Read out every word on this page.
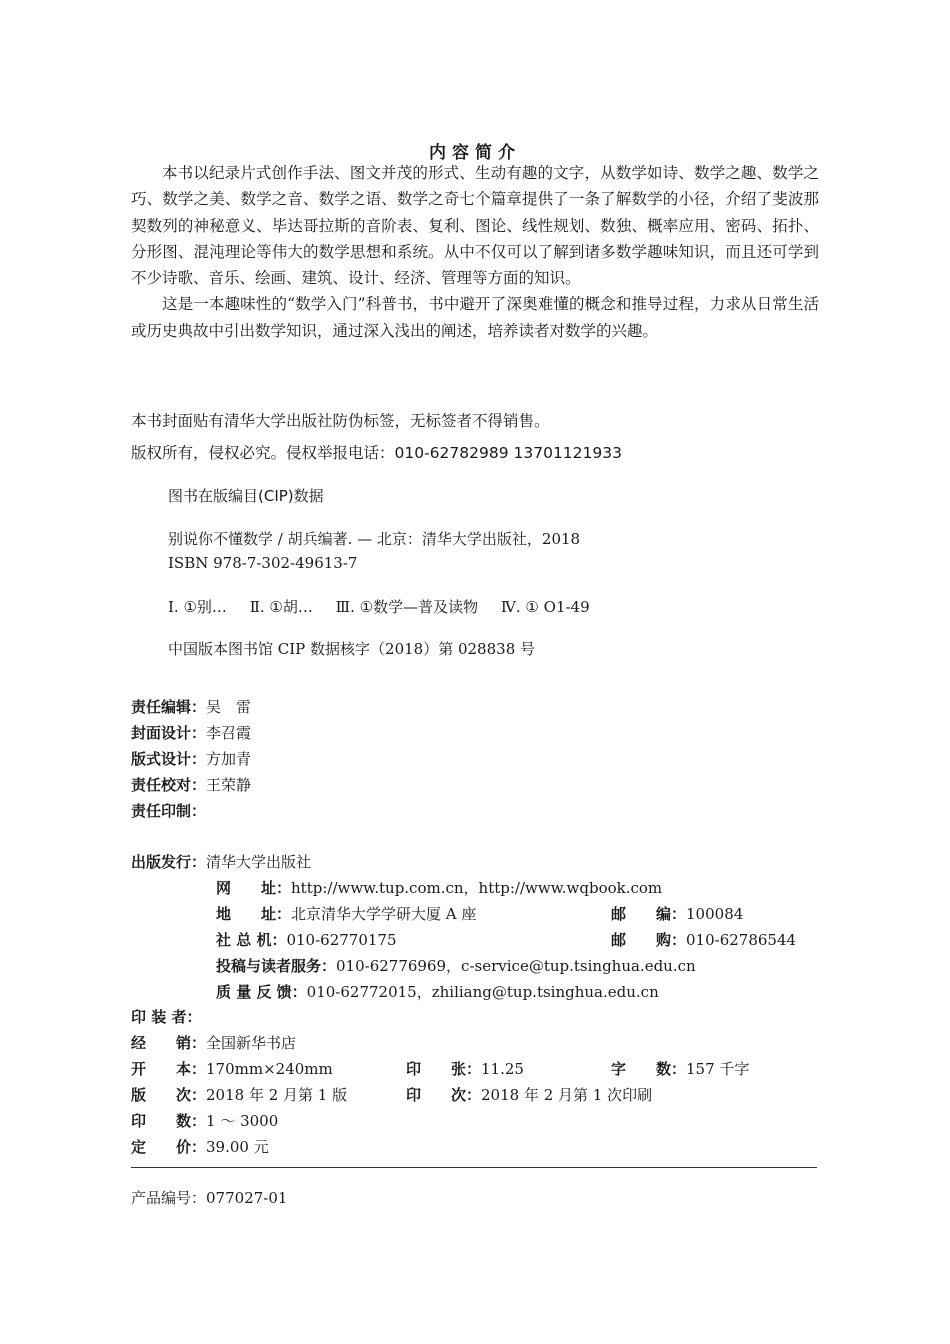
内容简介

本书以纪录片式创作手法、图文并茂的形式、生动有趣的文字，从数学如诗、数学之趣、数学之巧、数学之美、数学之音、数学之语、数学之奇七个篇章提供了一条了解数学的小径，介绍了斐波那契数列的神秘意义、毕达哥拉斯的音阶表、复利、图论、线性规划、数独、概率应用、密码、拓扑、分形图、混沌理论等伟大的数学思想和系统。从中不仅可以了解到诸多数学趣味知识，而且还可学到不少诗歌、音乐、绘画、建筑、设计、经济、管理等方面的知识。

这是一本趣味性的“数学入门”科普书，书中避开了深奥难懂的概念和推导过程，力求从日常生活或历史典故中引出数学知识，通过深入浅出的阐述，培养读者对数学的兴趣。

本书封面贴有清华大学出版社防伪标签，无标签者不得销售。
版权所有，侵权必究。侵权举报电话：010-62782989 13701121933
图书在版编目(CIP)数据
别说你不懂数学 / 胡兵编著. — 北京：清华大学出版社，2018
ISBN 978-7-302-49613-7
Ⅰ. ①别… Ⅱ. ①胡… Ⅲ. ①数学—普及读物 Ⅳ. ① O1-49
中国版本图书馆 CIP 数据核字（2018）第 028838 号
责任编辑：吴　雷
封面设计：李召霞
版式设计：方加青
责任校对：王荣静
责任印制：
出版发行：清华大学出版社
网　　址：http://www.tup.com.cn，http://www.wqbook.com
地　　址：北京清华大学学研大厦 A 座	邮　　编：100084
社 总 机：010-62770175	邮　　购：010-62786544
投稿与读者服务：010-62776969，c-service@tup.tsinghua.edu.cn
质 量 反 馈：010-62772015，zhiliang@tup.tsinghua.edu.cn
印 装 者：
经　　销：全国新华书店
开　　本：170mm×240mm	印　　张：11.25	字　　数：157 千字
版　　次：2018 年 2 月第 1 版	印　　次：2018 年 2 月第 1 次印刷
印　　数：1 ～ 3000
定　　价：39.00 元
产品编号：077027-01
